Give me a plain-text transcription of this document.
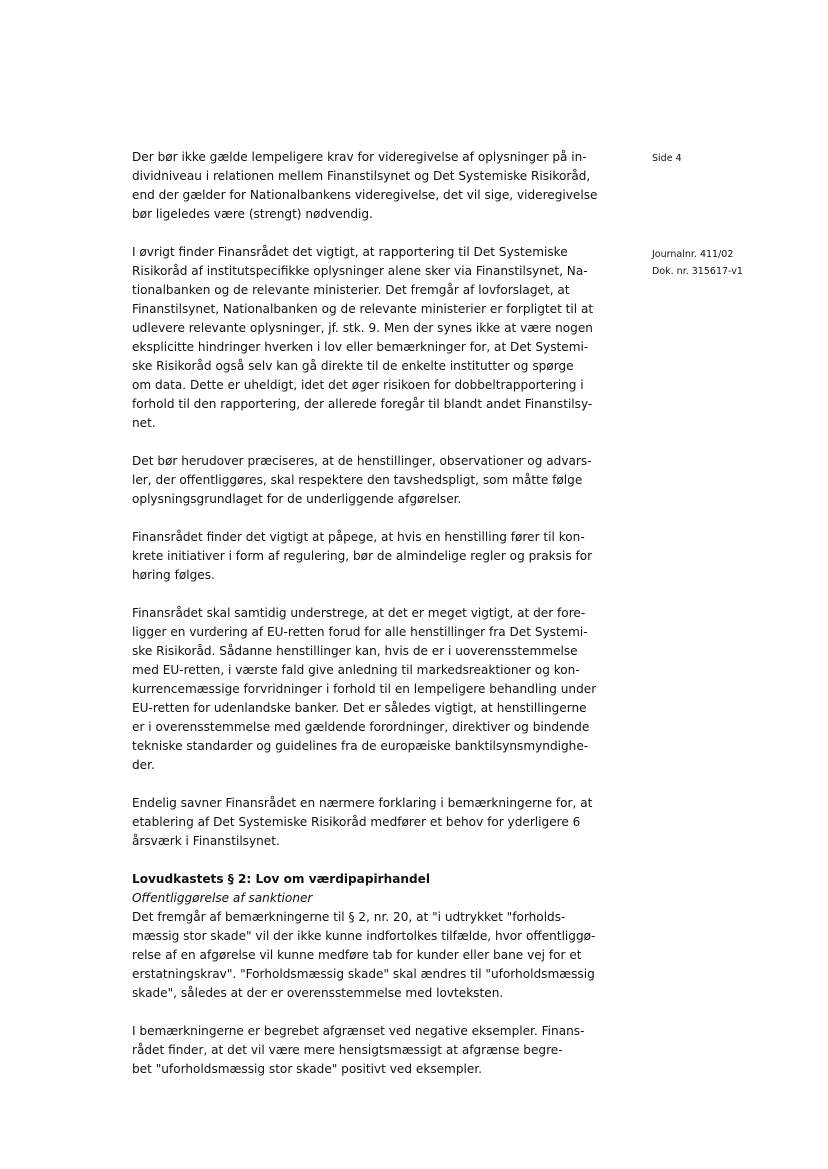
Side 4
Journalnr. 411/02
Dok. nr. 315617-v1
Der bør ikke gælde lempeligere krav for videregivelse af oplysninger på in-
dividniveau i relationen mellem Finanstilsynet og Det Systemiske Risikoråd,
end der gælder for Nationalbankens videregivelse, det vil sige, videregivelse
bør ligeledes være (strengt) nødvendig.
I øvrigt finder Finansrådet det vigtigt, at rapportering til Det Systemiske
Risikoråd af institutspecifikke oplysninger alene sker via Finanstilsynet, Na-
tionalbanken og de relevante ministerier. Det fremgår af lovforslaget, at
Finanstilsynet, Nationalbanken og de relevante ministerier er forpligtet til at
udlevere relevante oplysninger, jf. stk. 9. Men der synes ikke at være nogen
eksplicitte hindringer hverken i lov eller bemærkninger for, at Det Systemi-
ske Risikoråd også selv kan gå direkte til de enkelte institutter og spørge
om data. Dette er uheldigt, idet det øger risikoen for dobbeltrapportering i
forhold til den rapportering, der allerede foregår til blandt andet Finanstilsy-
net.
Det bør herudover præciseres, at de henstillinger, observationer og advars-
ler, der offentliggøres, skal respektere den tavshedspligt, som måtte følge
oplysningsgrundlaget for de underliggende afgørelser.
Finansrådet finder det vigtigt at påpege, at hvis en henstilling fører til kon-
krete initiativer i form af regulering, bør de almindelige regler og praksis for
høring følges.
Finansrådet skal samtidig understrege, at det er meget vigtigt, at der fore-
ligger en vurdering af EU-retten forud for alle henstillinger fra Det Systemi-
ske Risikoråd. Sådanne henstillinger kan, hvis de er i uoverensstemmelse
med EU-retten, i værste fald give anledning til markedsreaktioner og kon-
kurrencemæssige forvridninger i forhold til en lempeligere behandling under
EU-retten for udenlandske banker. Det er således vigtigt, at henstillingerne
er i overensstemmelse med gældende forordninger, direktiver og bindende
tekniske standarder og guidelines fra de europæiske banktilsynsmyndighe-
der.
Endelig savner Finansrådet en nærmere forklaring i bemærkningerne for, at
etablering af Det Systemiske Risikoråd medfører et behov for yderligere 6
årsværk i Finanstilsynet.
Lovudkastets § 2: Lov om værdipapirhandel
Offentliggørelse af sanktioner
Det fremgår af bemærkningerne til § 2, nr. 20, at "i udtrykket "forholds-
mæssig stor skade" vil der ikke kunne indfortolkes tilfælde, hvor offentliggø-
relse af en afgørelse vil kunne medføre tab for kunder eller bane vej for et
erstatningskrav". "Forholdsmæssig skade" skal ændres til "uforholdsmæssig
skade", således at der er overensstemmelse med lovteksten.
I bemærkningerne er begrebet afgrænset ved negative eksempler. Finans-
rådet finder, at det vil være mere hensigtsmæssigt at afgrænse begre-
bet "uforholdsmæssig stor skade" positivt ved eksempler.
